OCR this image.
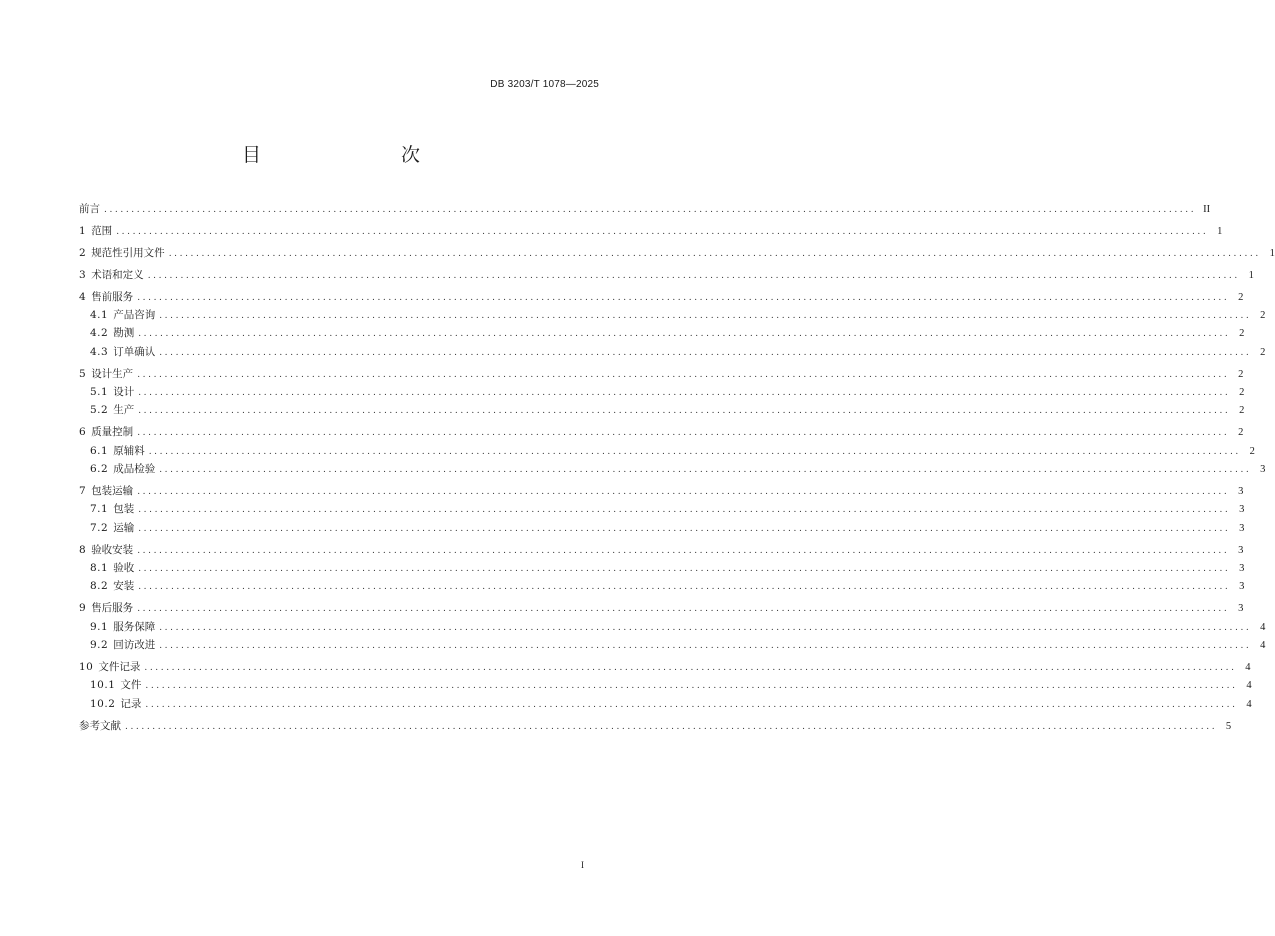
DB 3203/T 1078—2025
目　　次
前言 ........................................................................................................................................................................................................ II
1 范围 ........................................................................................................................................................................................................ 1
2 规范性引用文件 ........................................................................................................................................................................................................ 1
3 术语和定义 ........................................................................................................................................................................................................ 1
4 售前服务 ........................................................................................................................................................................................................ 2
4.1 产品咨询 ........................................................................................................................................................................................................ 2
4.2 勘测 ........................................................................................................................................................................................................ 2
4.3 订单确认 ........................................................................................................................................................................................................ 2
5 设计生产 ........................................................................................................................................................................................................ 2
5.1 设计 ........................................................................................................................................................................................................ 2
5.2 生产 ........................................................................................................................................................................................................ 2
6 质量控制 ........................................................................................................................................................................................................ 2
6.1 原辅料 ........................................................................................................................................................................................................ 2
6.2 成品检验 ........................................................................................................................................................................................................ 3
7 包装运输 ........................................................................................................................................................................................................ 3
7.1 包装 ........................................................................................................................................................................................................ 3
7.2 运输 ........................................................................................................................................................................................................ 3
8 验收安装 ........................................................................................................................................................................................................ 3
8.1 验收 ........................................................................................................................................................................................................ 3
8.2 安装 ........................................................................................................................................................................................................ 3
9 售后服务 ........................................................................................................................................................................................................ 3
9.1 服务保障 ........................................................................................................................................................................................................ 4
9.2 回访改进 ........................................................................................................................................................................................................ 4
10 文件记录 ........................................................................................................................................................................................................ 4
10.1 文件 ........................................................................................................................................................................................................ 4
10.2 记录 ........................................................................................................................................................................................................ 4
参考文献 ........................................................................................................................................................................................................ 5
I
